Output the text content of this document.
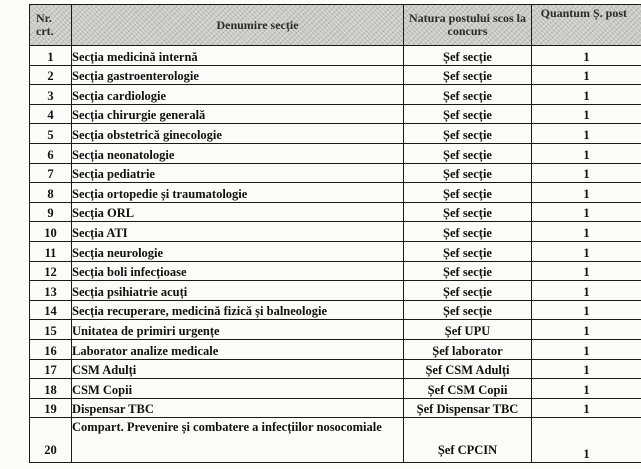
Nr. crt.	Denumire secție	Natura postului scos la concurs	Quantum Ș. post
1	Secția medicină internă	Șef secție	1
2	Secția gastroenterologie	Șef secție	1
3	Secția cardiologie	Șef secție	1
4	Secția chirurgie generală	Șef secție	1
5	Secția obstetrică ginecologie	Șef secție	1
6	Secția neonatologie	Șef secție	1
7	Secția pediatrie	Șef secție	1
8	Secția ortopedie și traumatologie	Șef secție	1
9	Secția ORL	Șef secție	1
10	Secția ATI	Șef secție	1
11	Secția neurologie	Șef secție	1
12	Secția boli infecțioase	Șef secție	1
13	Secția psihiatrie acuți	Șef secție	1
14	Secția recuperare, medicină fizică și balneologie	Șef secție	1
15	Unitatea de primiri urgențe	Șef UPU	1
16	Laborator analize medicale	Șef laborator	1
17	CSM Adulți	Șef CSM Adulți	1
18	CSM Copii	Șef CSM Copii	1
19	Dispensar TBC	Șef Dispensar TBC	1
20	Compart. Prevenire și combatere a infecțiilor nosocomiale	Șef CPCIN	1
